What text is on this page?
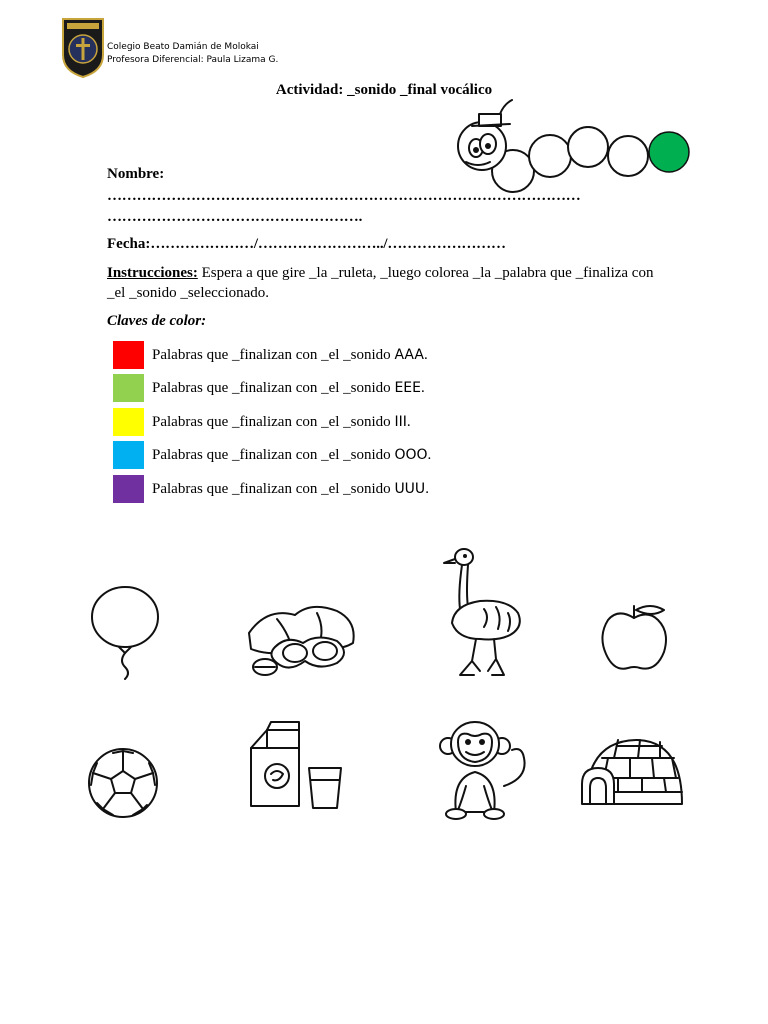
Colegio Beato Damián de Molokai
Profesora Diferencial: Paula Lizama G.
Actividad: _sonido _final vocálico
Nombre:
……………………………………………………………………………………
…………………………………………….
Fecha:…………………/……………………../……………………
Instrucciones: Espera a que gire _la _ruleta, _luego colorea _la _palabra que _finaliza con _el _sonido _seleccionado.
Claves de color:
Palabras que _finalizan con _el _sonido AAA.
Palabras que _finalizan con _el _sonido EEE.
Palabras que _finalizan con _el _sonido III.
Palabras que _finalizan con _el _sonido OOO.
Palabras que _finalizan con _el _sonido UUU.
